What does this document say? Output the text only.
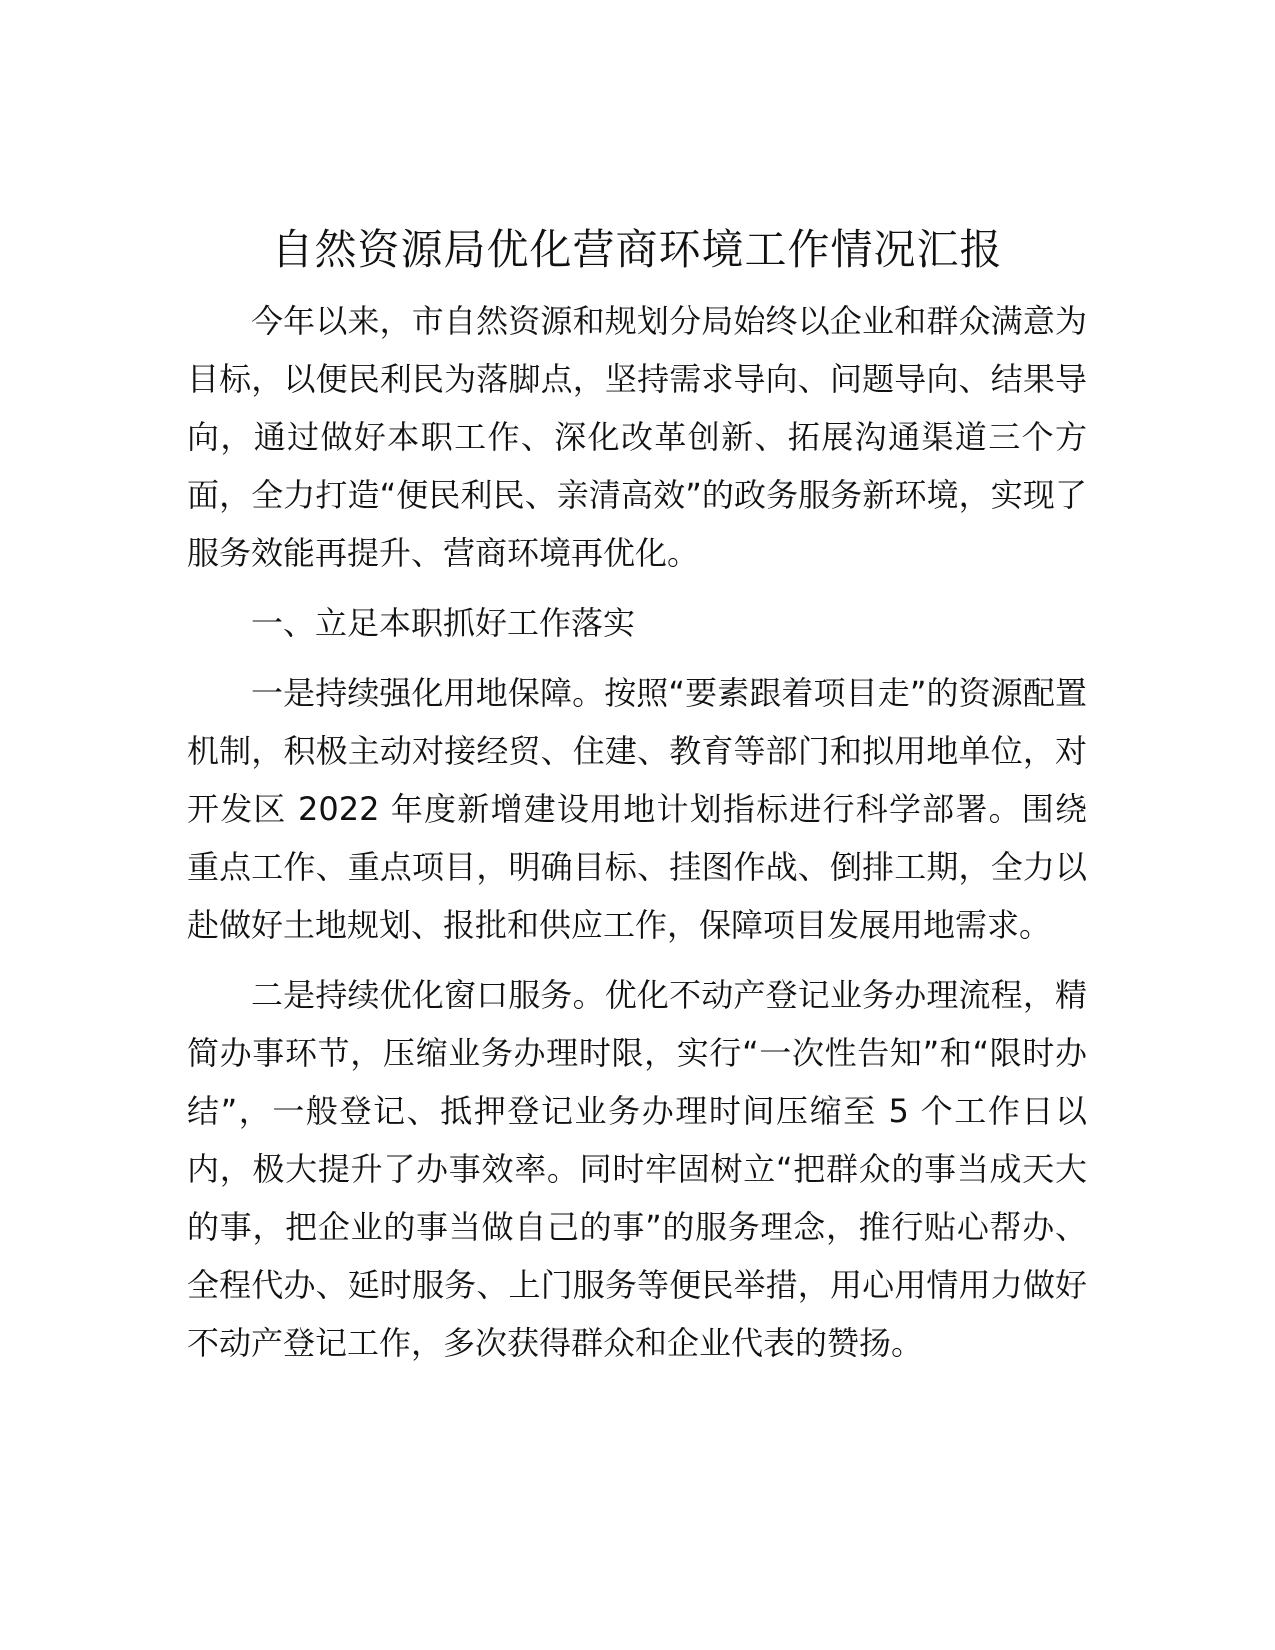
自然资源局优化营商环境工作情况汇报

今年以来，市自然资源和规划分局始终以企业和群众满意为目标，以便民利民为落脚点，坚持需求导向、问题导向、结果导向，通过做好本职工作、深化改革创新、拓展沟通渠道三个方面，全力打造“便民利民、亲清高效”的政务服务新环境，实现了服务效能再提升、营商环境再优化。

一、立足本职抓好工作落实

一是持续强化用地保障。按照“要素跟着项目走”的资源配置机制，积极主动对接经贸、住建、教育等部门和拟用地单位，对开发区 2022 年度新增建设用地计划指标进行科学部署。围绕重点工作、重点项目，明确目标、挂图作战、倒排工期，全力以赴做好土地规划、报批和供应工作，保障项目发展用地需求。

二是持续优化窗口服务。优化不动产登记业务办理流程，精简办事环节，压缩业务办理时限，实行“一次性告知”和“限时办结”，一般登记、抵押登记业务办理时间压缩至 5 个工作日以内，极大提升了办事效率。同时牢固树立“把群众的事当成天大的事，把企业的事当做自己的事”的服务理念，推行贴心帮办、全程代办、延时服务、上门服务等便民举措，用心用情用力做好不动产登记工作，多次获得群众和企业代表的赞扬。
